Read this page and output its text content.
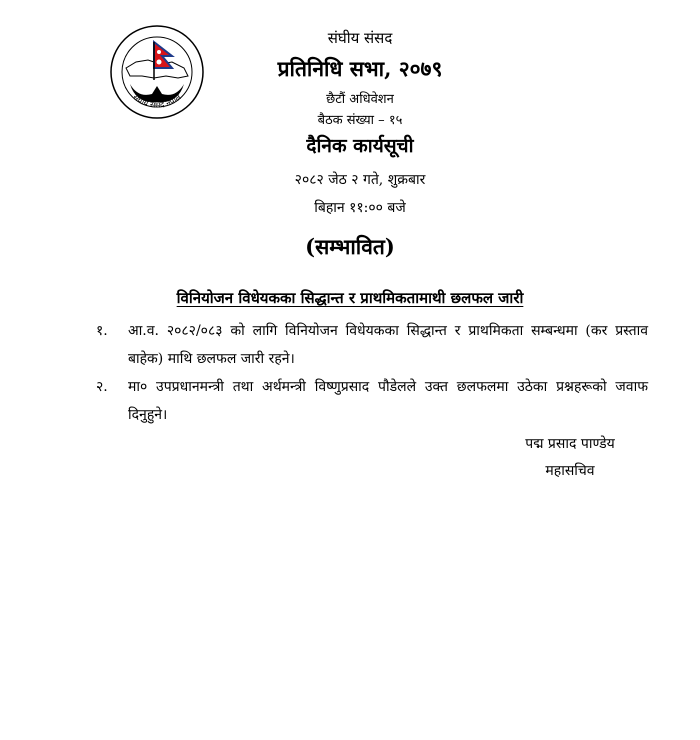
संघीय संसद नेपाल
संघीय संसद
प्रतिनिधि सभा, २०७९
छैटौं अधिवेशन
बैठक संख्या – १५
दैनिक कार्यसूची
२०८२ जेठ २ गते, शुक्रबार
बिहान ११:०० बजे
(सम्भावित)
विनियोजन विधेयकका सिद्धान्त र प्राथमिकतामाथी छलफल जारी
१. आ.व. २०८२/०८३ को लागि विनियोजन विधेयकका सिद्धान्त र प्राथमिकता सम्बन्धमा (कर प्रस्ताव बाहेक) माथि छलफल जारी रहने।
२. मा० उपप्रधानमन्त्री तथा अर्थमन्त्री विष्णुप्रसाद पौडेलले उक्त छलफलमा उठेका प्रश्नहरूको जवाफ दिनुहुने।
पद्म प्रसाद पाण्डेय
महासचिव
